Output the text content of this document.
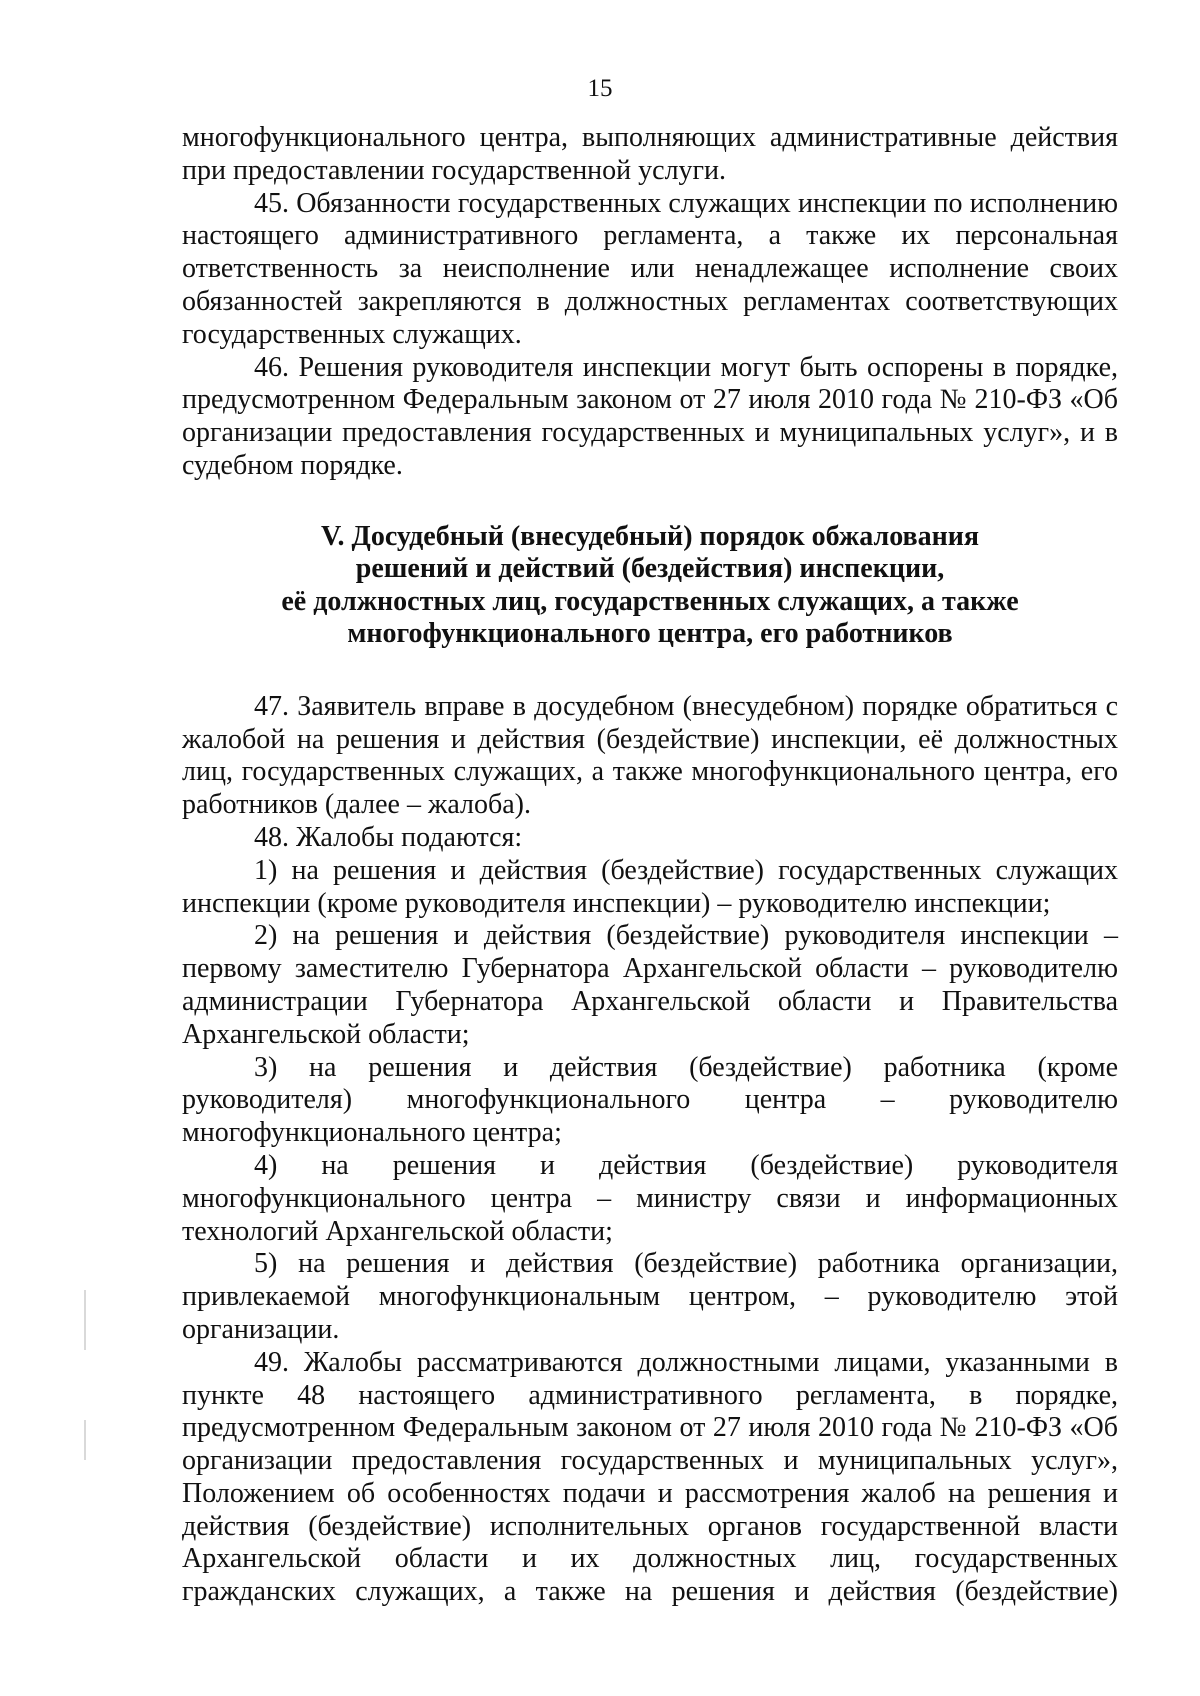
15

многофункционального центра, выполняющих административные действия при предоставлении государственной услуги.

45. Обязанности государственных служащих инспекции по исполнению настоящего административного регламента, а также их персональная ответственность за неисполнение или ненадлежащее исполнение своих обязанностей закрепляются в должностных регламентах соответствующих государственных служащих.

46. Решения руководителя инспекции могут быть оспорены в порядке, предусмотренном Федеральным законом от 27 июля 2010 года № 210-ФЗ «Об организации предоставления государственных и муниципальных услуг», и в судебном порядке.

V. Досудебный (внесудебный) порядок обжалования
решений и действий (бездействия) инспекции,
её должностных лиц, государственных служащих, а также
многофункционального центра, его работников

47. Заявитель вправе в досудебном (внесудебном) порядке обратиться с жалобой на решения и действия (бездействие) инспекции, её должностных лиц, государственных служащих, а также многофункционального центра, его работников (далее – жалоба).

48. Жалобы подаются:

1) на решения и действия (бездействие) государственных служащих инспекции (кроме руководителя инспекции) – руководителю инспекции;

2) на решения и действия (бездействие) руководителя инспекции – первому заместителю Губернатора Архангельской области – руководителю администрации Губернатора Архангельской области и Правительства Архангельской области;

3) на решения и действия (бездействие) работника (кроме руководителя) многофункционального центра – руководителю многофункционального центра;

4) на решения и действия (бездействие) руководителя многофункционального центра – министру связи и информационных технологий Архангельской области;

5) на решения и действия (бездействие) работника организации, привлекаемой многофункциональным центром, – руководителю этой организации.

49. Жалобы рассматриваются должностными лицами, указанными в пункте 48 настоящего административного регламента, в порядке, предусмотренном Федеральным законом от 27 июля 2010 года № 210-ФЗ «Об организации предоставления государственных и муниципальных услуг», Положением об особенностях подачи и рассмотрения жалоб на решения и действия (бездействие) исполнительных органов государственной власти Архангельской области и их должностных лиц, государственных гражданских служащих, а также на решения и действия (бездействие)
